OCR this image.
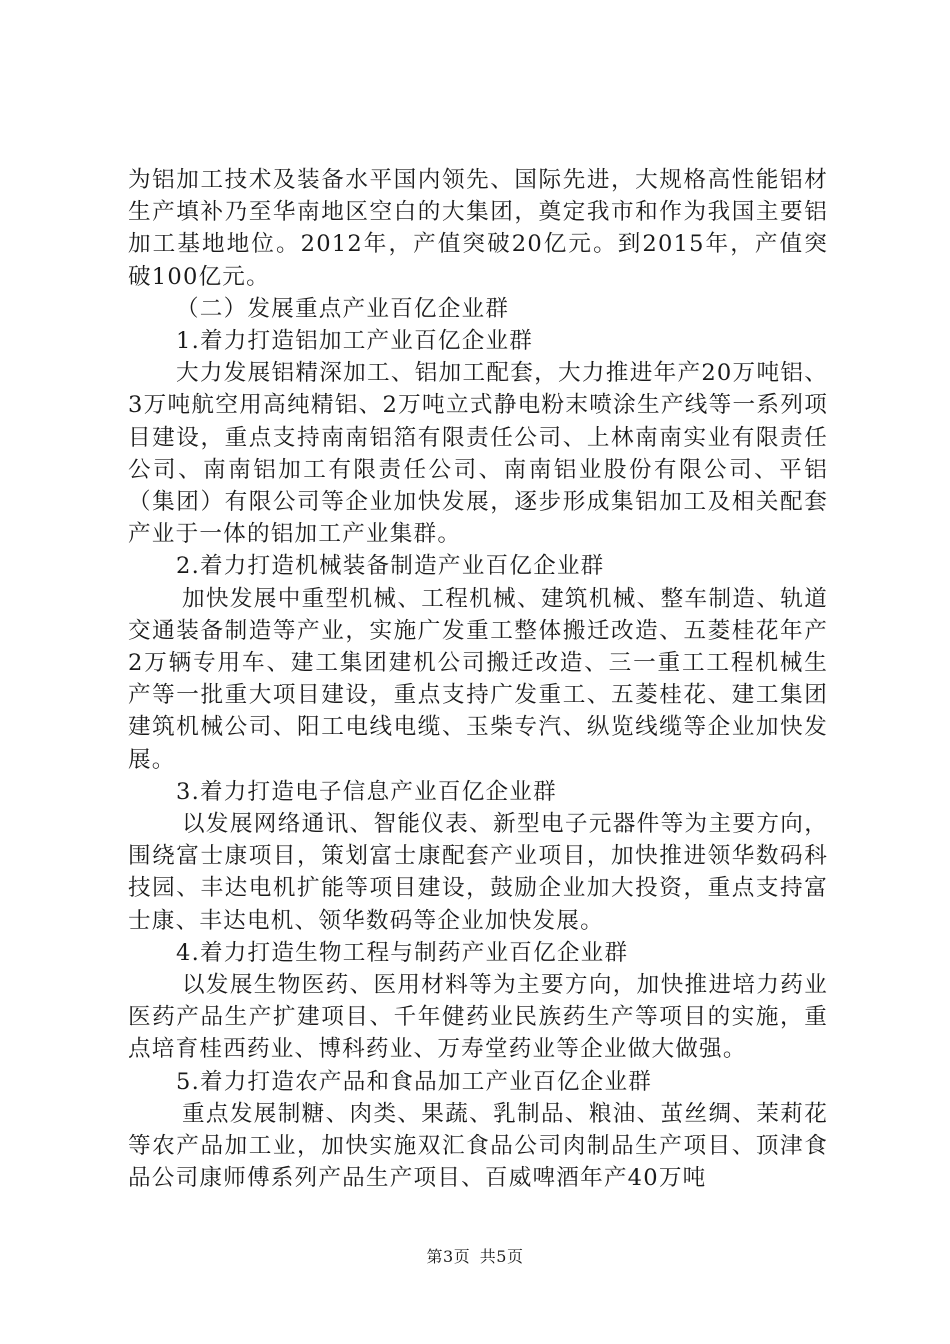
为铝加工技术及装备水平国内领先、国际先进，大规格高性能铝材生产填补乃至华南地区空白的大集团，奠定我市和作为我国主要铝加工基地地位。2012年，产值突破20亿元。到2015年，产值突破100亿元。

（二）发展重点产业百亿企业群

1.着力打造铝加工产业百亿企业群

大力发展铝精深加工、铝加工配套，大力推进年产20万吨铝、3万吨航空用高纯精铝、2万吨立式静电粉末喷涂生产线等一系列项目建设，重点支持南南铝箔有限责任公司、上林南南实业有限责任公司、南南铝加工有限责任公司、南南铝业股份有限公司、平铝（集团）有限公司等企业加快发展，逐步形成集铝加工及相关配套产业于一体的铝加工产业集群。

2.着力打造机械装备制造产业百亿企业群

加快发展中重型机械、工程机械、建筑机械、整车制造、轨道交通装备制造等产业，实施广发重工整体搬迁改造、五菱桂花年产2万辆专用车、建工集团建机公司搬迁改造、三一重工工程机械生产等一批重大项目建设，重点支持广发重工、五菱桂花、建工集团建筑机械公司、阳工电线电缆、玉柴专汽、纵览线缆等企业加快发展。

3.着力打造电子信息产业百亿企业群

以发展网络通讯、智能仪表、新型电子元器件等为主要方向，围绕富士康项目，策划富士康配套产业项目，加快推进领华数码科技园、丰达电机扩能等项目建设，鼓励企业加大投资，重点支持富士康、丰达电机、领华数码等企业加快发展。

4.着力打造生物工程与制药产业百亿企业群

以发展生物医药、医用材料等为主要方向，加快推进培力药业医药产品生产扩建项目、千年健药业民族药生产等项目的实施，重点培育桂西药业、博科药业、万寿堂药业等企业做大做强。

5.着力打造农产品和食品加工产业百亿企业群

重点发展制糖、肉类、果蔬、乳制品、粮油、茧丝绸、茉莉花等农产品加工业，加快实施双汇食品公司肉制品生产项目、顶津食品公司康师傅系列产品生产项目、百威啤酒年产40万吨

第3页 共5页
